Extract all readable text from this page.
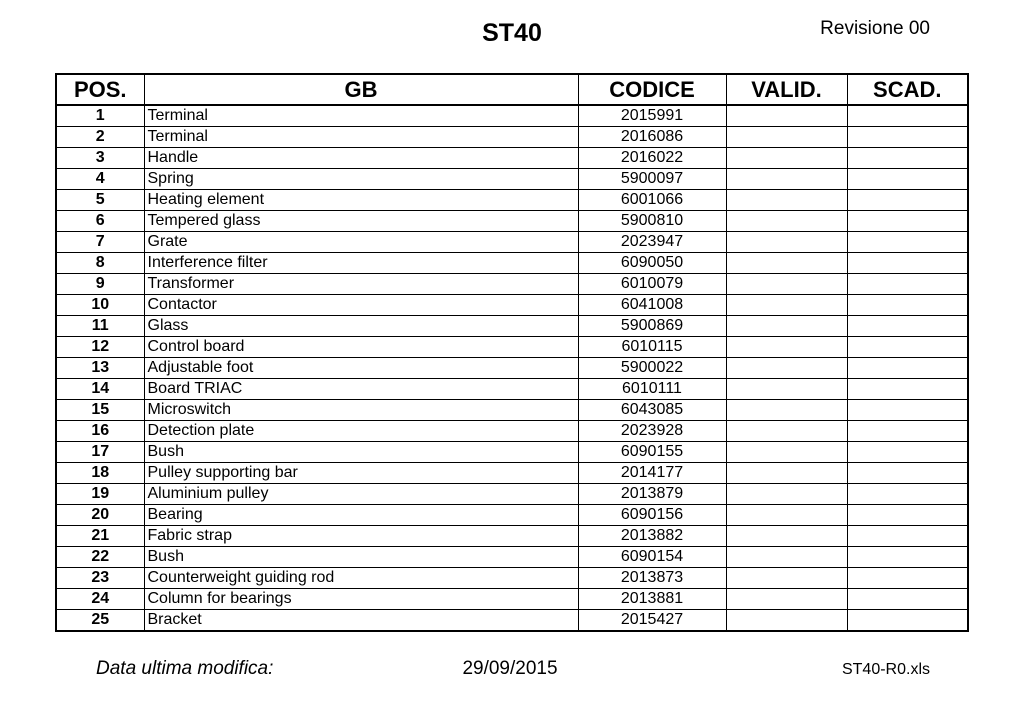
ST40	Revisione 00
POS.	GB	CODICE	VALID.	SCAD.
1	Terminal	2015991		
2	Terminal	2016086		
3	Handle	2016022		
4	Spring	5900097		
5	Heating element	6001066		
6	Tempered glass	5900810		
7	Grate	2023947		
8	Interference filter	6090050		
9	Transformer	6010079		
10	Contactor	6041008		
11	Glass	5900869		
12	Control board	6010115		
13	Adjustable foot	5900022		
14	Board TRIAC	6010111		
15	Microswitch	6043085		
16	Detection plate	2023928		
17	Bush	6090155		
18	Pulley supporting bar	2014177		
19	Aluminium pulley	2013879		
20	Bearing	6090156		
21	Fabric strap	2013882		
22	Bush	6090154		
23	Counterweight guiding rod	2013873		
24	Column for bearings	2013881		
25	Bracket	2015427		
Data ultima modifica:	29/09/2015	ST40-R0.xls
